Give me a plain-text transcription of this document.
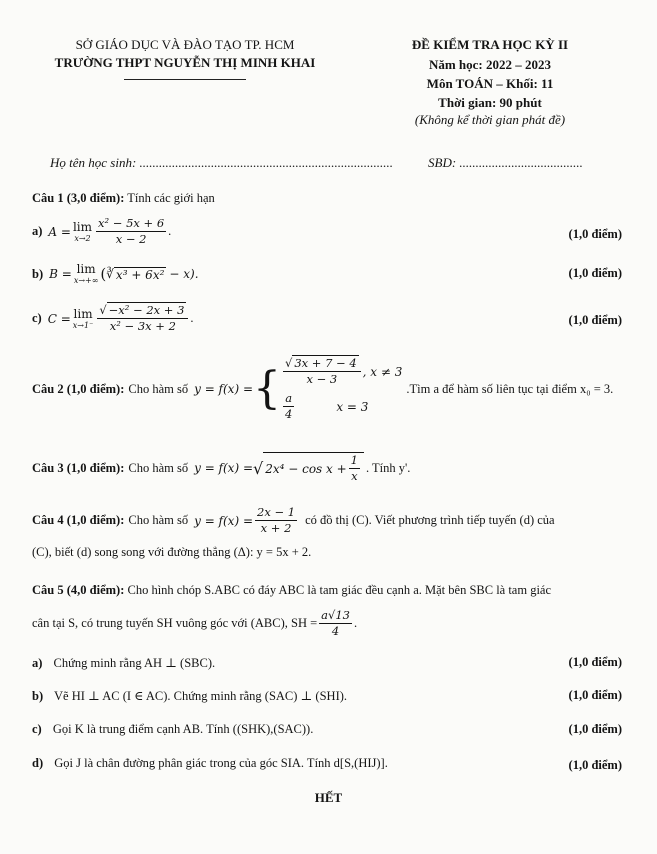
SỞ GIÁO DỤC VÀ ĐÀO TẠO TP. HCM
TRƯỜNG THPT NGUYỄN THỊ MINH KHAI
ĐỀ KIỂM TRA HỌC KỲ II
Năm học: 2022 – 2023
Môn TOÁN – Khối: 11
Thời gian: 90 phút
(Không kể thời gian phát đề)
Họ tên học sinh: ..............................................................................	SBD: ......................................
Câu 1 (3,0 điểm): Tính các giới hạn
a) A = lim
$x\to 2 \frac{\text{x² − 5x + 6}}{x - 2}$ .	(1,0 điểm)
b) B = lim
x→+∞ ( ∛ x³ + 6x² − x).	(1,0 điểm)
c) C = lim
$x\to 1^- \frac{\text{√ −x² − 2x + 3}}{\text{x² − 3x + 2}}$ .	(1,0 điểm)
Câu 2 (1,0 điểm): Cho hàm số y = f(x) = { $\frac{√ 3x + 7 - 4}{x - 3}$ , x ≠ 3
$\frac{a}{4}$	x = 3
.Tìm a để hàm số liên tục tại điểm x₀ = 3.
Câu 3 (1,0 điểm): Cho hàm số y = f(x) = √ $2x^4 - \cos x + \frac{1}{x}$ . Tính y'.
Câu 4 (1,0 điểm): Cho hàm số $y = f(x) = \frac{2x - 1}{x + 2}$ có đồ thị (C). Viết phương trình tiếp tuyến (d) của
(C), biết (d) song song với đường thẳng (Δ): y = 5x + 2.
Câu 5 (4,0 điểm): Cho hình chóp S.ABC có đáy ABC là tam giác đều cạnh a. Mặt bên SBC là tam giác
cân tại S, có trung tuyến SH vuông góc với (ABC), SH = $\frac{a√13}{4}$ .
a) Chứng minh rằng AH ⊥ (SBC).	(1,0 điểm)
b) Vẽ HI ⊥ AC (I ∈ AC). Chứng minh rằng (SAC) ⊥ (SHI).	(1,0 điểm)
c) Gọi K là trung điểm cạnh AB. Tính ((SHK),(SAC)).	(1,0 điểm)
d) Gọi J là chân đường phân giác trong của góc SIA. Tính d[S,(HIJ)].	(1,0 điểm)
HẾT
